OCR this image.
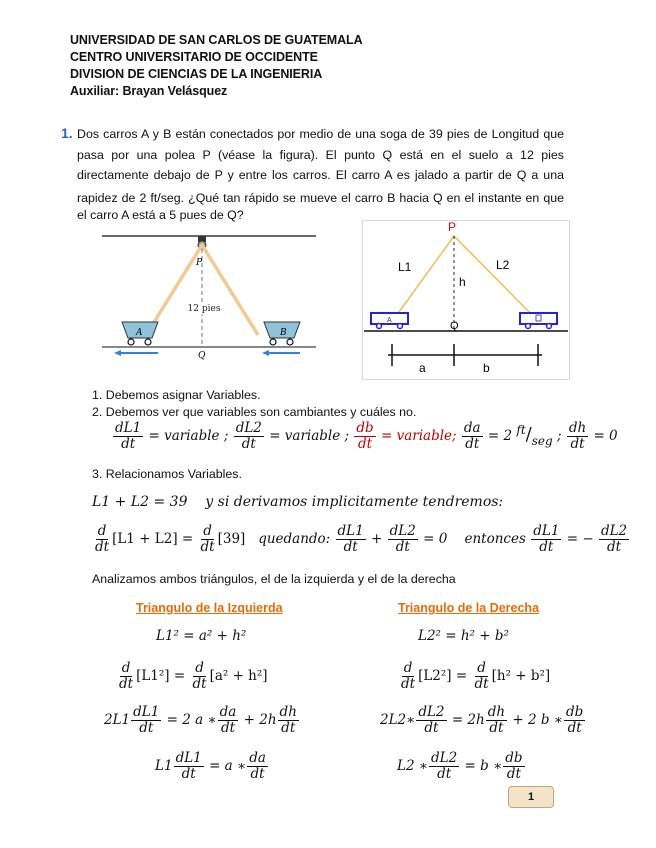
UNIVERSIDAD DE SAN CARLOS DE GUATEMALA
CENTRO UNIVERSITARIO DE OCCIDENTE
DIVISION DE CIENCIAS DE LA INGENIERIA
Auxiliar: Brayan Velásquez
1. Dos carros A y B están conectados por medio de una soga de 39 pies de Longitud que
pasa por una polea P (véase la figura). El punto Q está en el suelo a 12 pies
directamente debajo de P y entre los carros. El carro A es jalado a partir de Q a una
rapidez de 2 ft/seg. ¿Qué tan rápido se mueve el carro B hacia Q en el instante en que
el carro A está a 5 pues de Q?
P
12 pies
A	B
Q
P
L1	L2
h
A	Q
a	b
1. Debemos asignar Variables.
2. Debemos ver que variables son cambiantes y cuáles no.
$\frac{dL1}{dt}$ = variable ; $\frac{dL2}{dt}$ = variable ; $\frac{db}{dt}$ = variable; $\frac{da}{dt} = 2$ ft/seg ; $\frac{dh}{dt} = 0$
3. Relacionamos Variables.
L1 + L2 = 39 y si derivamos implicitamente tendremos:
$\frac{d}{dt} [L1 + L2] = \frac{d}{dt} [39]$ quedando: $\frac{dL1}{dt} + \frac{dL2}{dt} = 0$ entonces $\frac{dL1}{dt}$ = − $\frac{dL2}{dt}$
Analizamos ambos triángulos, el de la izquierda y el de la derecha
Triangulo de la Izquierda	Triangulo de la Derecha
L1² = a² + h²
$\frac{d}{dt} [L1^2] = \frac{d}{dt} [a^2 + h^2]$
$2L1 \frac{dL1}{dt} = 2$ a ∗ $\frac{da}{dt} + 2h \frac{dh}{dt}$
$L1 \frac{dL1}{dt} = a$ ∗ $\frac{da}{dt}$
L2² = h² + b²
$\frac{d}{dt} [L2^2] = \frac{d}{dt} [h^2 + b^2]$
2L2∗ $\frac{dL2}{dt} = 2h \frac{dh}{dt} + 2$ b ∗ $\frac{db}{dt}$
L2 ∗ $\frac{dL2}{dt} = b$ ∗ $\frac{db}{dt}$
1
